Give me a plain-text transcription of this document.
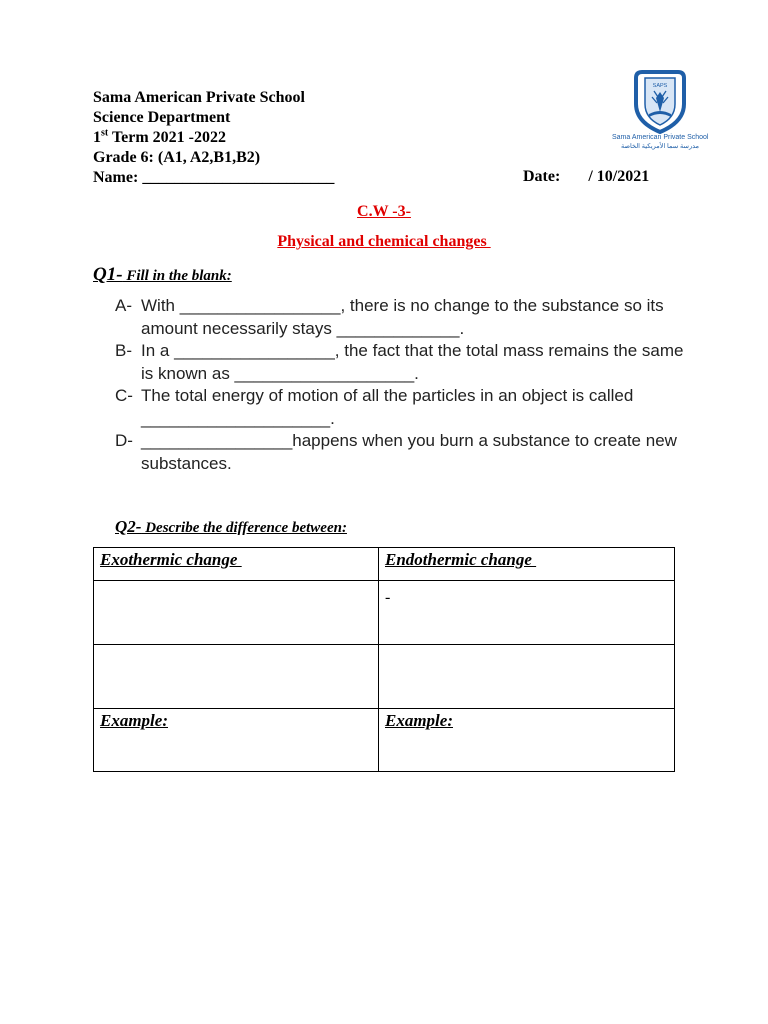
Sama American Private School
Science Department
1st Term 2021 -2022
Grade 6: (A1, A2,B1,B2)
Name: ________________________	Date: / 10/2021
SAPS
Sama American Private School
مدرسة سما الأمريكية الخاصة
C.W -3-
Physical and chemical changes
Q1- Fill in the blank:
A- With _________________, there is no change to the substance so its amount necessarily stays _____________.
B- In a _________________, the fact that the total mass remains the same is known as ___________________.
C- The total energy of motion of all the particles in an object is called ____________________.
D- ________________happens when you burn a substance to create new substances.
Q2- Describe the difference between:
Exothermic change	Endothermic change
	-

Example:	Example:
